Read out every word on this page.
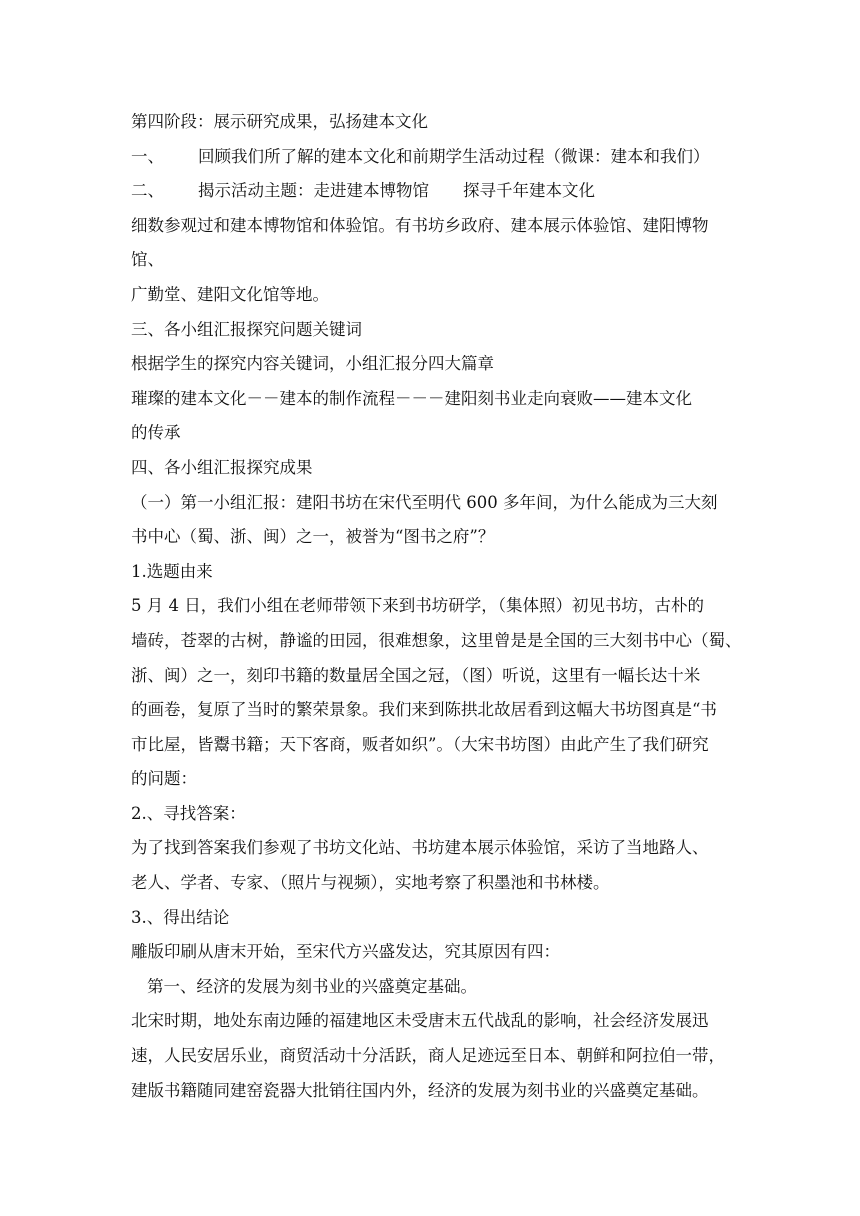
第四阶段：展示研究成果，弘扬建本文化
一、 回顾我们所了解的建本文化和前期学生活动过程（微课：建本和我们）
二、 揭示活动主题：走进建本博物馆 探寻千年建本文化
细数参观过和建本博物馆和体验馆。有书坊乡政府、建本展示体验馆、建阳博物
馆、
广勤堂、建阳文化馆等地。
三、各小组汇报探究问题关键词
根据学生的探究内容关键词，小组汇报分四大篇章
璀璨的建本文化－－建本的制作流程－－－建阳刻书业走向衰败——建本文化
的传承
四、各小组汇报探究成果
（一）第一小组汇报：建阳书坊在宋代至明代 600 多年间，为什么能成为三大刻
书中心（蜀、浙、闽）之一，被誉为“图书之府”？
1.选题由来
5 月 4 日，我们小组在老师带领下来到书坊研学，（集体照）初见书坊，古朴的
墙砖，苍翠的古树，静谧的田园，很难想象，这里曾是是全国的三大刻书中心（蜀、
浙、闽）之一，刻印书籍的数量居全国之冠，（图）听说，这里有一幅长达十米
的画卷，复原了当时的繁荣景象。我们来到陈拱北故居看到这幅大书坊图真是“书
市比屋，皆鬻书籍；天下客商，贩者如织”。（大宋书坊图）由此产生了我们研究
的问题：
2.、寻找答案：
为了找到答案我们参观了书坊文化站、书坊建本展示体验馆，采访了当地路人、
老人、学者、专家、（照片与视频），实地考察了积墨池和书林楼。
3.、得出结论
雕版印刷从唐末开始，至宋代方兴盛发达，究其原因有四：
第一、经济的发展为刻书业的兴盛奠定基础。
北宋时期，地处东南边陲的福建地区未受唐末五代战乱的影响，社会经济发展迅
速，人民安居乐业，商贸活动十分活跃，商人足迹远至日本、朝鲜和阿拉伯一带，
建版书籍随同建窑瓷器大批销往国内外，经济的发展为刻书业的兴盛奠定基础。
